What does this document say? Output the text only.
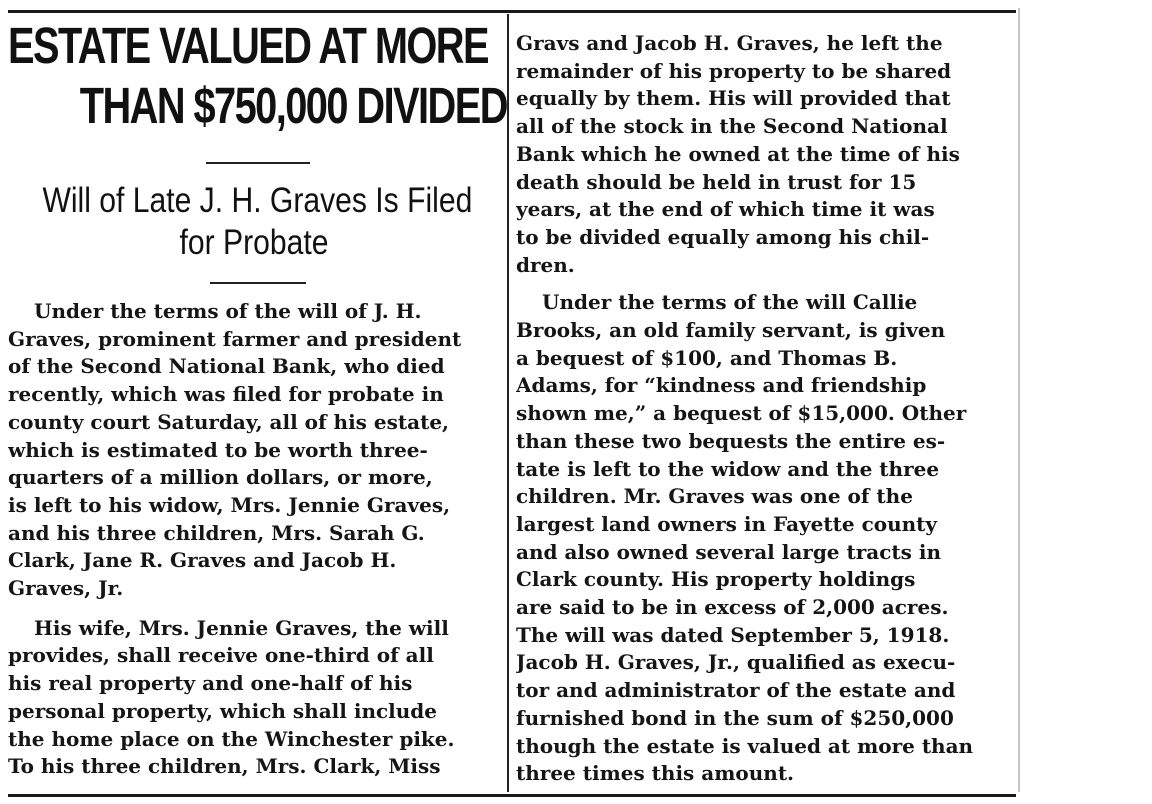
ESTATE VALUED AT MORE
THAN $750,000 DIVIDED
Will of Late J. H. Graves Is Filed
for Probate

Under the terms of the will of J. H.
Graves, prominent farmer and president
of the Second National Bank, who died
recently, which was filed for probate in
county court Saturday, all of his estate,
which is estimated to be worth three-
quarters of a million dollars, or more,
is left to his widow, Mrs. Jennie Graves,
and his three children, Mrs. Sarah G.
Clark, Jane R. Graves and Jacob H.
Graves, Jr.

His wife, Mrs. Jennie Graves, the will
provides, shall receive one-third of all
his real property and one-half of his
personal property, which shall include
the home place on the Winchester pike.
To his three children, Mrs. Clark, Miss

Gravs and Jacob H. Graves, he left the
remainder of his property to be shared
equally by them. His will provided that
all of the stock in the Second National
Bank which he owned at the time of his
death should be held in trust for 15
years, at the end of which time it was
to be divided equally among his chil-
dren.

Under the terms of the will Callie
Brooks, an old family servant, is given
a bequest of $100, and Thomas B.
Adams, for “kindness and friendship
shown me,” a bequest of $15,000. Other
than these two bequests the entire es-
tate is left to the widow and the three
children. Mr. Graves was one of the
largest land owners in Fayette county
and also owned several large tracts in
Clark county. His property holdings
are said to be in excess of 2,000 acres.
The will was dated September 5, 1918.
Jacob H. Graves, Jr., qualified as execu-
tor and administrator of the estate and
furnished bond in the sum of $250,000
though the estate is valued at more than
three times this amount.
